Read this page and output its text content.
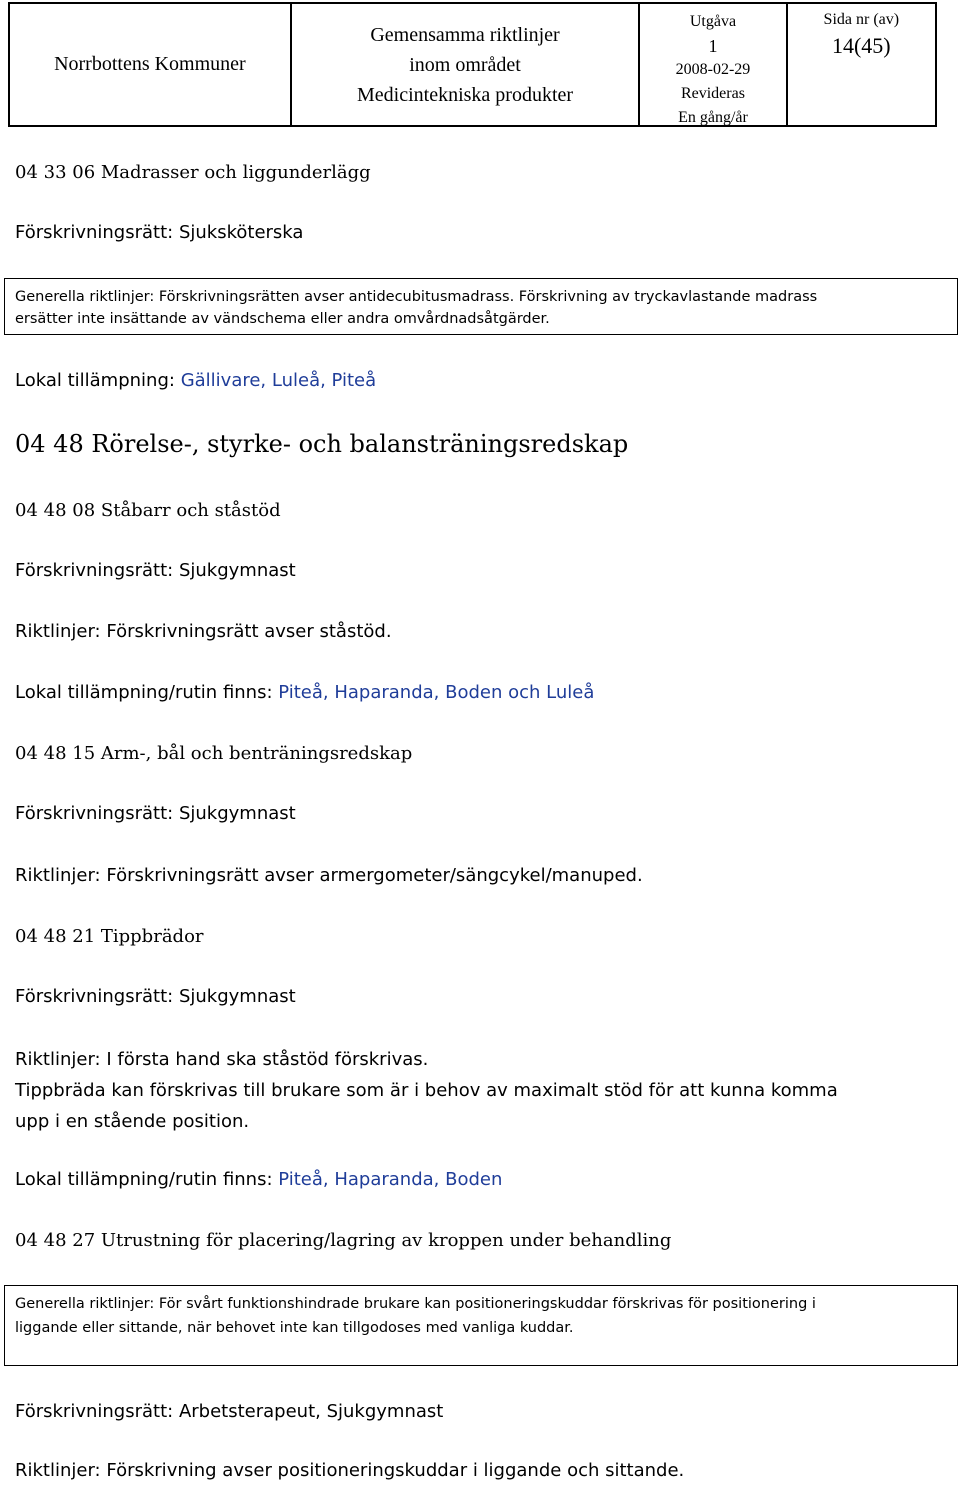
Norrbottens Kommuner
Gemensamma riktlinjer
inom området
Medicintekniska produkter
Utgåva
1
2008-02-29
Revideras
En gång/år
Sida nr (av)
14(45)

04 33 06 Madrasser och liggunderlägg

Förskrivningsrätt: Sjuksköterska

Generella riktlinjer: Förskrivningsrätten avser antidecubitusmadrass. Förskrivning av tryckavlastande madrass
ersätter inte insättande av vändschema eller andra omvårdnadsåtgärder.

Lokal tillämpning: Gällivare, Luleå, Piteå

04 48 Rörelse-, styrke- och balansträningsredskap

04 48 08 Ståbarr och ståstöd

Förskrivningsrätt: Sjukgymnast

Riktlinjer: Förskrivningsrätt avser ståstöd.

Lokal tillämpning/rutin finns: Piteå, Haparanda, Boden och Luleå

04 48 15 Arm-, bål och benträningsredskap

Förskrivningsrätt: Sjukgymnast

Riktlinjer: Förskrivningsrätt avser armergometer/sängcykel/manuped.

04 48 21 Tippbrädor

Förskrivningsrätt: Sjukgymnast

Riktlinjer: I första hand ska ståstöd förskrivas.
Tippbräda kan förskrivas till brukare som är i behov av maximalt stöd för att kunna komma
upp i en stående position.

Lokal tillämpning/rutin finns: Piteå, Haparanda, Boden

04 48 27 Utrustning för placering/lagring av kroppen under behandling

Generella riktlinjer: För svårt funktionshindrade brukare kan positioneringskuddar förskrivas för positionering i
liggande eller sittande, när behovet inte kan tillgodoses med vanliga kuddar.

Förskrivningsrätt: Arbetsterapeut, Sjukgymnast

Riktlinjer: Förskrivning avser positioneringskuddar i liggande och sittande.
